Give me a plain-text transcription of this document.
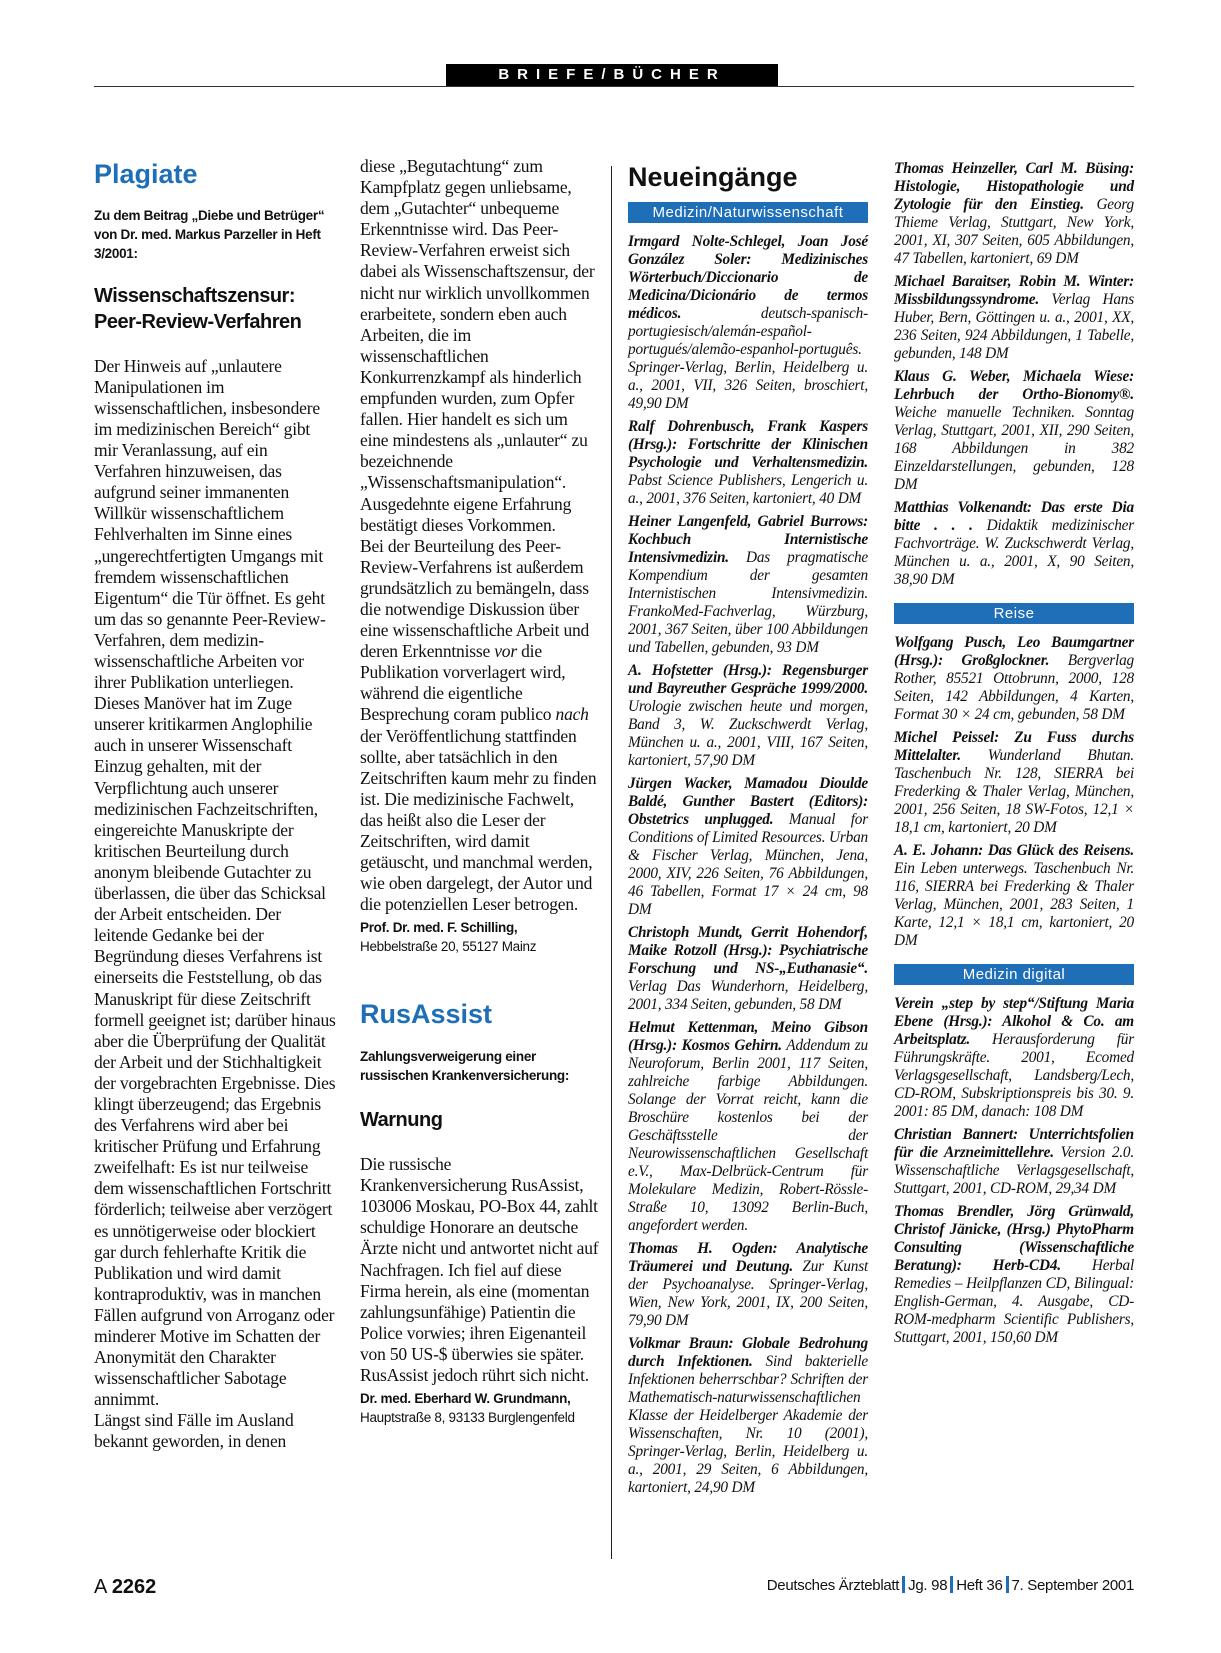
BRIEFE/BÜCHER
Plagiate

Zu dem Beitrag „Diebe und Betrüger“ von Dr. med. Markus Parzeller in Heft 3/2001:

Wissenschaftszensur: Peer-Review-Verfahren

Der Hinweis auf „unlautere Manipulationen im wissenschaftlichen, insbesondere im medizinischen Bereich“ gibt mir Veranlassung, auf ein Verfahren hinzuweisen, das aufgrund seiner immanenten Willkür wissenschaftlichem Fehlverhalten im Sinne eines „ungerechtfertigten Umgangs mit fremdem wissenschaftlichen Eigentum“ die Tür öffnet. Es geht um das so genannte Peer-Review-Verfahren, dem medizin-wissenschaftliche Arbeiten vor ihrer Publikation unterliegen. Dieses Manöver hat im Zuge unserer kritikarmen Anglophilie auch in unserer Wissenschaft Einzug gehalten, mit der Verpflichtung auch unserer medizinischen Fachzeitschriften, eingereichte Manuskripte der kritischen Beurteilung durch anonym bleibende Gutachter zu überlassen, die über das Schicksal der Arbeit entscheiden. Der leitende Gedanke bei der Begründung dieses Verfahrens ist einerseits die Feststellung, ob das Manuskript für diese Zeitschrift formell geeignet ist; darüber hinaus aber die Überprüfung der Qualität der Arbeit und der Stichhaltigkeit der vorgebrachten Ergebnisse. Dies klingt überzeugend; das Ergebnis des Verfahrens wird aber bei kritischer Prüfung und Erfahrung zweifelhaft: Es ist nur teilweise dem wissenschaftlichen Fortschritt förderlich; teilweise aber verzögert es unnötigerweise oder blockiert gar durch fehlerhafte Kritik die Publikation und wird damit kontraproduktiv, was in manchen Fällen aufgrund von Arroganz oder minderer Motive im Schatten der Anonymität den Charakter wissenschaftlicher Sabotage annimmt.

Längst sind Fälle im Ausland bekannt geworden, in denen

diese „Begutachtung“ zum Kampfplatz gegen unliebsame, dem „Gutachter“ unbequeme Erkenntnisse wird. Das Peer-Review-Verfahren erweist sich dabei als Wissenschaftszensur, der nicht nur wirklich unvollkommen erarbeitete, sondern eben auch Arbeiten, die im wissenschaftlichen Konkurrenzkampf als hinderlich empfunden wurden, zum Opfer fallen. Hier handelt es sich um eine mindestens als „unlauter“ zu bezeichnende „Wissenschaftsmanipulation“. Ausgedehnte eigene Erfahrung bestätigt dieses Vorkommen.

Bei der Beurteilung des Peer-Review-Verfahrens ist außerdem grundsätzlich zu bemängeln, dass die notwendige Diskussion über eine wissenschaftliche Arbeit und deren Erkenntnisse vor die Publikation vorverlagert wird, während die eigentliche Besprechung coram publico nach der Veröffentlichung stattfinden sollte, aber tatsächlich in den Zeitschriften kaum mehr zu finden ist. Die medizinische Fachwelt, das heißt also die Leser der Zeitschriften, wird damit getäuscht, und manchmal werden, wie oben dargelegt, der Autor und die potenziellen Leser betrogen.

Prof. Dr. med. F. Schilling,

Hebbelstraße 20, 55127 Mainz

RusAssist

Zahlungsverweigerung einer russischen Krankenversicherung:

Warnung

Die russische Krankenversicherung RusAssist, 103006 Moskau, PO-Box 44, zahlt schuldige Honorare an deutsche Ärzte nicht und antwortet nicht auf Nachfragen. Ich fiel auf diese Firma herein, als eine (momentan zahlungsunfähige) Patientin die Police vorwies; ihren Eigenanteil von 50 US-$ überwies sie später. RusAssist jedoch rührt sich nicht.

Dr. med. Eberhard W. Grundmann,

Hauptstraße 8, 93133 Burglengenfeld

Neueingänge
Medizin/Naturwissenschaft

Irmgard Nolte-Schlegel, Joan José González Soler: Medizinisches Wörterbuch/Diccionario de Medicina/Dicionário de termos médicos. deutsch-spanisch-portugiesisch/alemán-español-portugués/alemão-espanhol-português. Springer-Verlag, Berlin, Heidelberg u. a., 2001, VII, 326 Seiten, broschiert, 49,90 DM

Ralf Dohrenbusch, Frank Kaspers (Hrsg.): Fortschritte der Klinischen Psychologie und Verhaltensmedizin. Pabst Science Publishers, Lengerich u. a., 2001, 376 Seiten, kartoniert, 40 DM

Heiner Langenfeld, Gabriel Burrows: Kochbuch Internistische Intensivmedizin. Das pragmatische Kompendium der gesamten Internistischen Intensivmedizin. FrankoMed-Fachverlag, Würzburg, 2001, 367 Seiten, über 100 Abbildungen und Tabellen, gebunden, 93 DM

A. Hofstetter (Hrsg.): Regensburger und Bayreuther Gespräche 1999/2000. Urologie zwischen heute und morgen, Band 3, W. Zuckschwerdt Verlag, München u. a., 2001, VIII, 167 Seiten, kartoniert, 57,90 DM

Jürgen Wacker, Mamadou Dioulde Baldé, Gunther Bastert (Editors): Obstetrics unplugged. Manual for Conditions of Limited Resources. Urban & Fischer Verlag, München, Jena, 2000, XIV, 226 Seiten, 76 Abbildungen, 46 Tabellen, Format 17 × 24 cm, 98 DM

Christoph Mundt, Gerrit Hohendorf, Maike Rotzoll (Hrsg.): Psychiatrische Forschung und NS-„Euthanasie“. Verlag Das Wunderhorn, Heidelberg, 2001, 334 Seiten, gebunden, 58 DM

Helmut Kettenman, Meino Gibson (Hrsg.): Kosmos Gehirn. Addendum zu Neuroforum, Berlin 2001, 117 Seiten, zahlreiche farbige Abbildungen. Solange der Vorrat reicht, kann die Broschüre kostenlos bei der Geschäftsstelle der Neurowissenschaftlichen Gesellschaft e.V., Max-Delbrück-Centrum für Molekulare Medizin, Robert-Rössle-Straße 10, 13092 Berlin-Buch, angefordert werden.

Thomas H. Ogden: Analytische Träumerei und Deutung. Zur Kunst der Psychoanalyse. Springer-Verlag, Wien, New York, 2001, IX, 200 Seiten, 79,90 DM

Volkmar Braun: Globale Bedrohung durch Infektionen. Sind bakterielle Infektionen beherrschbar? Schriften der Mathematisch-naturwissenschaftlichen Klasse der Heidelberger Akademie der Wissenschaften, Nr. 10 (2001), Springer-Verlag, Berlin, Heidelberg u. a., 2001, 29 Seiten, 6 Abbildungen, kartoniert, 24,90 DM

Thomas Heinzeller, Carl M. Büsing: Histologie, Histopathologie und Zytologie für den Einstieg. Georg Thieme Verlag, Stuttgart, New York, 2001, XI, 307 Seiten, 605 Abbildungen, 47 Tabellen, kartoniert, 69 DM

Michael Baraitser, Robin M. Winter: Missbildungssyndrome. Verlag Hans Huber, Bern, Göttingen u. a., 2001, XX, 236 Seiten, 924 Abbildungen, 1 Tabelle, gebunden, 148 DM

Klaus G. Weber, Michaela Wiese: Lehrbuch der Ortho-Bionomy®. Weiche manuelle Techniken. Sonntag Verlag, Stuttgart, 2001, XII, 290 Seiten, 168 Abbildungen in 382 Einzeldarstellungen, gebunden, 128 DM

Matthias Volkenandt: Das erste Dia bitte . . . Didaktik medizinischer Fachvorträge. W. Zuckschwerdt Verlag, München u. a., 2001, X, 90 Seiten, 38,90 DM

Reise

Wolfgang Pusch, Leo Baumgartner (Hrsg.): Großglockner. Bergverlag Rother, 85521 Ottobrunn, 2000, 128 Seiten, 142 Abbildungen, 4 Karten, Format 30 × 24 cm, gebunden, 58 DM

Michel Peissel: Zu Fuss durchs Mittelalter. Wunderland Bhutan. Taschenbuch Nr. 128, SIERRA bei Frederking & Thaler Verlag, München, 2001, 256 Seiten, 18 SW-Fotos, 12,1 × 18,1 cm, kartoniert, 20 DM

A. E. Johann: Das Glück des Reisens. Ein Leben unterwegs. Taschenbuch Nr. 116, SIERRA bei Frederking & Thaler Verlag, München, 2001, 283 Seiten, 1 Karte, 12,1 × 18,1 cm, kartoniert, 20 DM

Medizin digital

Verein „step by step“/Stiftung Maria Ebene (Hrsg.): Alkohol & Co. am Arbeitsplatz. Herausforderung für Führungskräfte. 2001, Ecomed Verlagsgesellschaft, Landsberg/Lech, CD-ROM, Subskriptionspreis bis 30. 9. 2001: 85 DM, danach: 108 DM

Christian Bannert: Unterrichtsfolien für die Arzneimittellehre. Version 2.0. Wissenschaftliche Verlagsgesellschaft, Stuttgart, 2001, CD-ROM, 29,34 DM

Thomas Brendler, Jörg Grünwald, Christof Jänicke, (Hrsg.) PhytoPharm Consulting (Wissenschaftliche Beratung): Herb-CD4. Herbal Remedies – Heilpflanzen CD, Bilingual: English-German, 4. Ausgabe, CD-ROM-medpharm Scientific Publishers, Stuttgart, 2001, 150,60 DM

A 2262	Deutsches Ärzteblatt Jg. 98 Heft 36 7. September 2001
